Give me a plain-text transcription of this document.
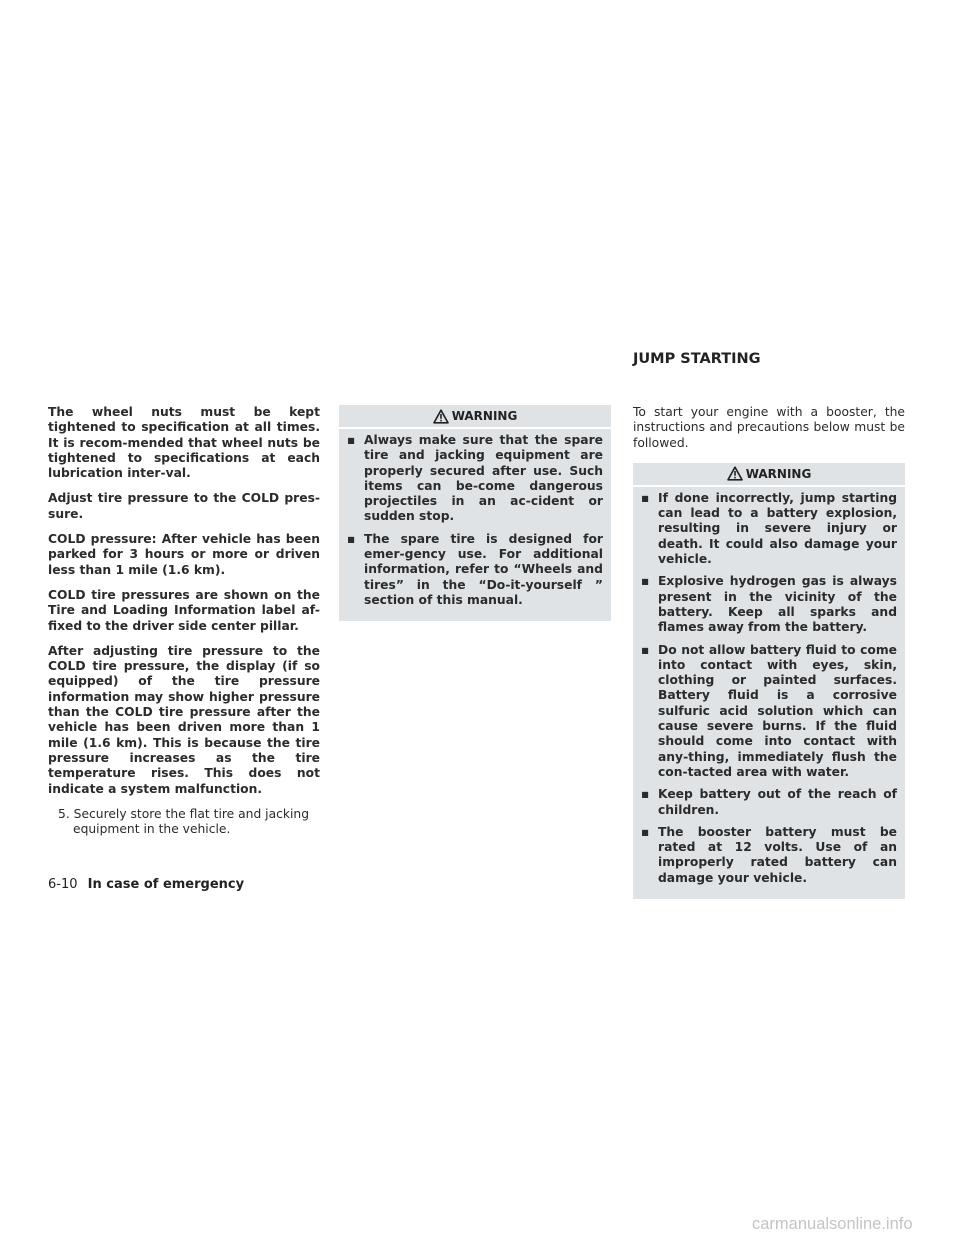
The wheel nuts must be kept tightened to specification at all times. It is recom-mended that wheel nuts be tightened to specifications at each lubrication inter-val.

Adjust tire pressure to the COLD pres-sure.

COLD pressure: After vehicle has been parked for 3 hours or more or driven less than 1 mile (1.6 km).

COLD tire pressures are shown on the Tire and Loading Information label af-fixed to the driver side center pillar.

After adjusting tire pressure to the COLD tire pressure, the display (if so equipped) of the tire pressure information may show higher pressure than the COLD tire pressure after the vehicle has been driven more than 1 mile (1.6 km). This is because the tire pressure increases as the tire temperature rises. This does not indicate a system malfunction.

5. Securely store the flat tire and jacking equipment in the vehicle.

WARNING
▪ Always make sure that the spare tire and jacking equipment are properly secured after use. Such items can be-come dangerous projectiles in an ac-cident or sudden stop.
▪ The spare tire is designed for emer-gency use. For additional information, refer to “Wheels and tires” in the “Do-it-yourself ” section of this manual.
JUMP STARTING

To start your engine with a booster, the instructions and precautions below must be followed.

WARNING
▪ If done incorrectly, jump starting can lead to a battery explosion, resulting in severe injury or death. It could also damage your vehicle.
▪ Explosive hydrogen gas is always present in the vicinity of the battery. Keep all sparks and flames away from the battery.
▪ Do not allow battery fluid to come into contact with eyes, skin, clothing or painted surfaces. Battery fluid is a corrosive sulfuric acid solution which can cause severe burns. If the fluid should come into contact with any-thing, immediately flush the con-tacted area with water.
▪ Keep battery out of the reach of children.
▪ The booster battery must be rated at 12 volts. Use of an improperly rated battery can damage your vehicle.
6-10 In case of emergency
carmanualsonline.info
